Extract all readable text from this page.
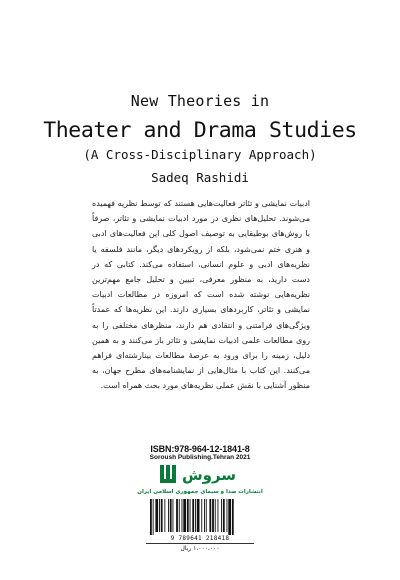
New Theories in
Theater and Drama Studies
(A Cross-Disciplinary Approach)
Sadeq Rashidi
ادبیات نمایشی و تئاتر فعالیت‌هایی هستند که توسط نظریه فهمیده می‌شوند. تحلیل‌های نظری در مورد ادبیات نمایشی و تئاتر، صرفاً با روش‌های بوطیقایی به توصیف اصول کلی این فعالیت‌های ادبی و هنری ختم نمی‌شود، بلکه از رویکردهای دیگر، مانند فلسفه یا نظریه‌های ادبی و علوم انسانی، استفاده می‌کند. کتابی که در دست دارید، به منظور معرفی، تبیین و تحلیل جامع مهم‌ترین نظریه‌هایی نوشته شده است که امروزه در مطالعات ادبیات نمایشی و تئاتر، کاربردهای بسیاری دارند. این نظریه‌ها که عمدتاً ویژگی‌های فرامتنی و انتقادی هم دارند، منظرهای مختلفی را به روی مطالعات علمی ادبیات نمایشی و تئاتر باز می‌کنند و به همین دلیل، زمینه را برای ورود به عرصهٔ مطالعات بینارشته‌ای فراهم می‌کنند. این کتاب با مثال‌هایی از نمایشنامه‌های مطرح جهان، به منظور آشنایی با نقش عملی نظریه‌های مورد بحث همراه است.
ISBN:978-964-12-1841-8
Soroush Publishing.Tehran 2021
سروش
انتشارات صدا و سیمای جمهوری اسلامی ایران
9 789641 218418
۱،۰۰۰،۰۰۰ ریال
